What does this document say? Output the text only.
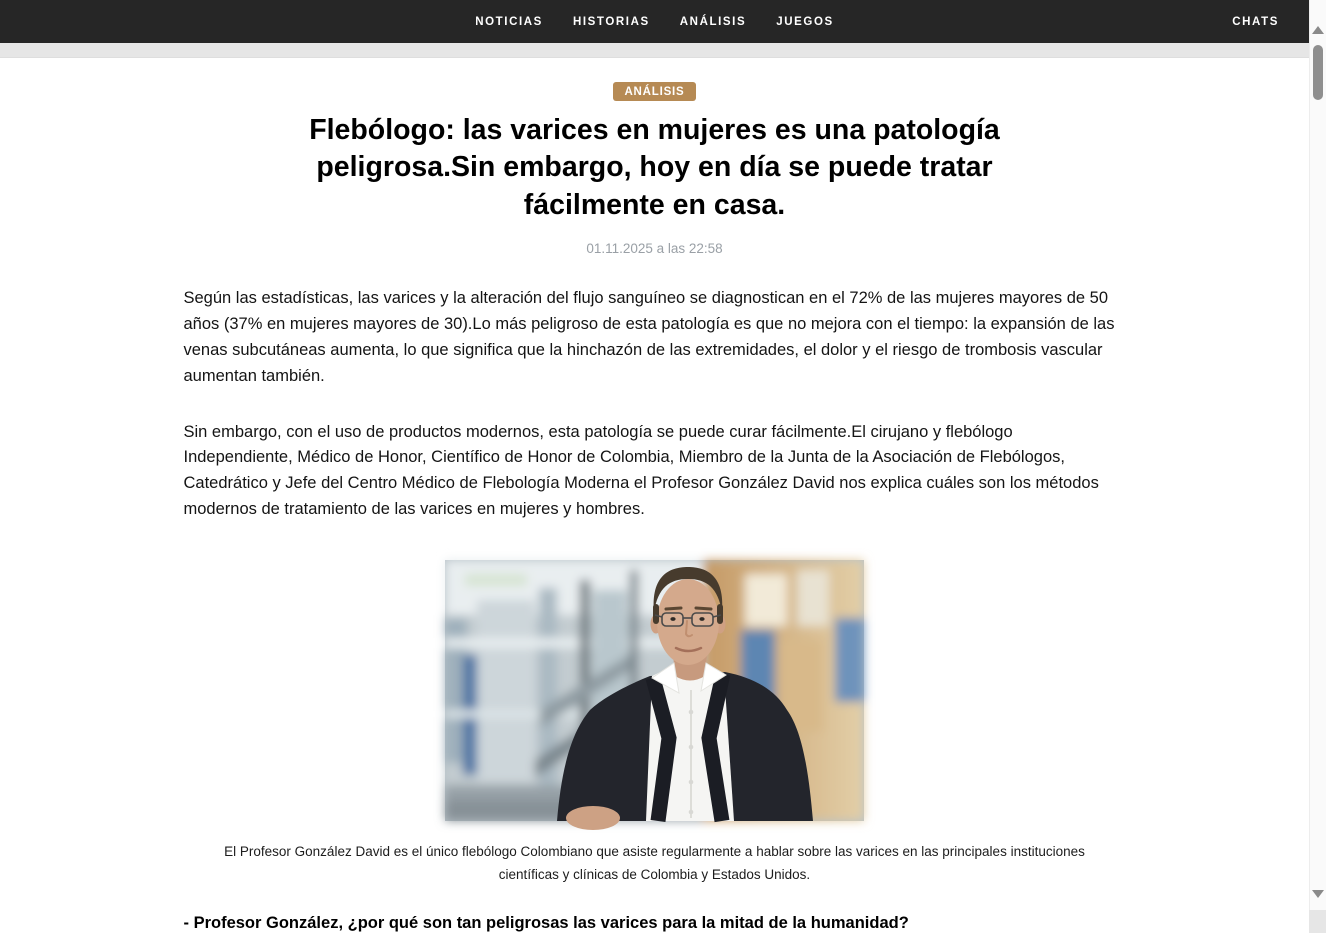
NOTICIAS	HISTORIAS	ANÁLISIS	JUEGOS	CHATS
ANÁLISIS
Flebólogo: las varices en mujeres es una patología peligrosa.Sin embargo, hoy en día se puede tratar fácilmente en casa.
01.11.2025 a las 22:58

Según las estadísticas, las varices y la alteración del flujo sanguíneo se diagnostican en el 72% de las mujeres mayores de 50 años (37% en mujeres mayores de 30).Lo más peligroso de esta patología es que no mejora con el tiempo: la expansión de las venas subcutáneas aumenta, lo que significa que la hinchazón de las extremidades, el dolor y el riesgo de trombosis vascular aumentan también.

Sin embargo, con el uso de productos modernos, esta patología se puede curar fácilmente.El cirujano y flebólogo Independiente, Médico de Honor, Científico de Honor de Colombia, Miembro de la Junta de la Asociación de Flebólogos, Catedrático y Jefe del Centro Médico de Flebología Moderna el Profesor González David nos explica cuáles son los métodos modernos de tratamiento de las varices en mujeres y hombres.

El Profesor González David es el único flebólogo Colombiano que asiste regularmente a hablar sobre las varices en las principales instituciones científicas y clínicas de Colombia y Estados Unidos.

- Profesor González, ¿por qué son tan peligrosas las varices para la mitad de la humanidad?
